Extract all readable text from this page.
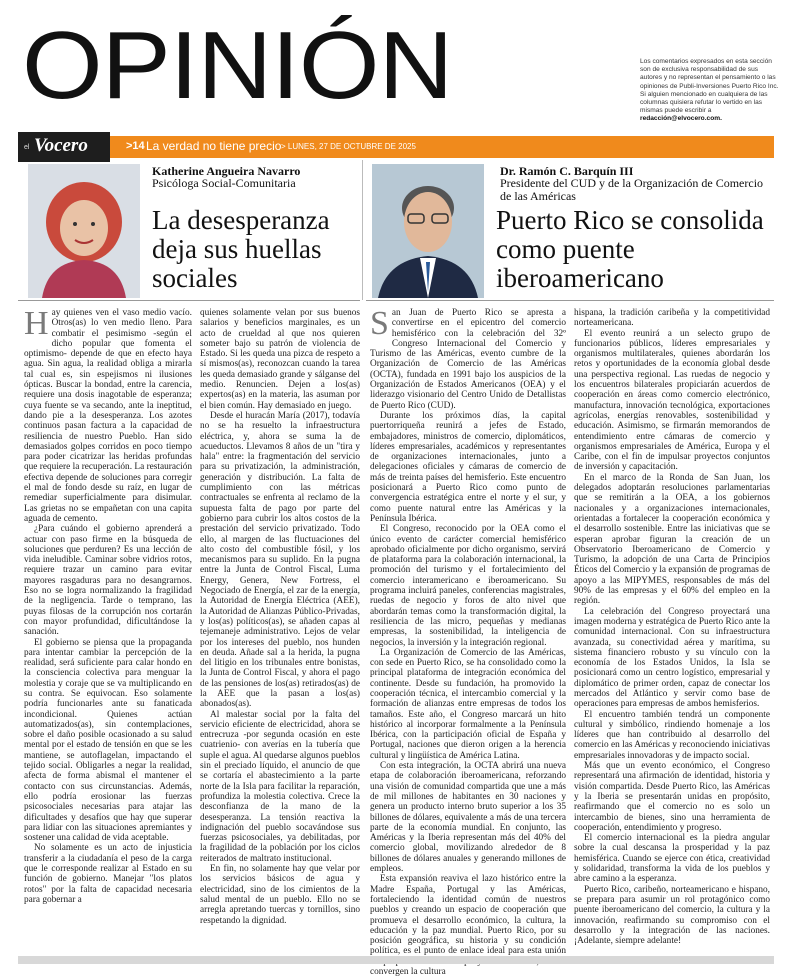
OPINIÓN	Los comentarios expresados en esta sección son de exclusiva responsabilidad de sus autores y no representan el pensamiento o las opiniones de Publi-Inversiones Puerto Rico Inc. Si alguien mencionado en cualquiera de las columnas quisiera refutar lo vertido en las mismas puede escribir a redacción@elvocero.com.
el Vocero	>14 La verdad no tiene precio > LUNES, 27 DE OCTUBRE DE 2025
Katherine Angueira Navarro
Psicóloga Social-Comunitaria
La desesperanza deja sus huellas sociales
Dr. Ramón C. Barquín III
Presidente del CUD y de la Organización de Comercio de las Américas
Puerto Rico se consolida como puente iberoamericano

Hay quienes ven el vaso medio vacío. Otros(as) lo ven medio lleno. Para combatir el pesimismo -según el dicho popular que fomenta el optimismo- depende de que en efecto haya agua. Sin agua, la realidad obliga a mirarla tal cual es, sin espejismos ni ilusiones ópticas. Buscar la bondad, entre la carencia, requiere una dosis inagotable de esperanza; cuya fuente se va secando, ante la ineptitud, dando pie a la desesperanza. Los azotes continuos pasan factura a la capacidad de resiliencia de nuestro Pueblo. Han sido demasiados golpes corridos en poco tiempo para poder cicatrizar las heridas profundas que requiere la recuperación. La restauración efectiva depende de soluciones para corregir el mal de fondo desde su raíz, en lugar de remediar superficialmente para disimular. Las grietas no se empañetan con una capita aguada de cemento.

¿Para cuándo el gobierno aprenderá a actuar con paso firme en la búsqueda de soluciones que perduren? Es una lección de vida ineludible. Caminar sobre vidrios rotos, requiere trazar un camino para evitar mayores rasgaduras para no desangrarnos. Eso no se logra normalizando la fragilidad de la negligencia. Tarde o temprano, las puyas filosas de la corrupción nos cortarán con mayor profundidad, dificultándose la sanación.

El gobierno se piensa que la propaganda para intentar cambiar la percepción de la realidad, será suficiente para calar hondo en la consciencia colectiva para menguar la molestia y coraje que se va multiplicando en su contra. Se equivocan. Eso solamente podría funcionarles ante su fanaticada incondicional. Quienes actúan automatizados(as), sin contemplaciones, sobre el daño posible ocasionado a su salud mental por el estado de tensión en que se les mantiene, se autoflagelan, impactando el tejido social. Obligarles a negar la realidad, afecta de forma abismal el mantener el contacto con sus circunstancias. Además, ello podría erosionar las fuerzas psicosociales necesarias para atajar las dificultades y desafíos que hay que superar para lidiar con las situaciones apremiantes y sostener una calidad de vida aceptable.

No solamente es un acto de injusticia transferir a la ciudadanía el peso de la carga que le corresponde realizar al Estado en su función de gobierno. Manejar "los platos rotos" por la falta de capacidad necesaria para gobernar a

quienes solamente velan por sus buenos salarios y beneficios marginales, es un acto de crueldad al que nos quieren someter bajo su patrón de violencia de Estado. Si les queda una pizca de respeto a sí mismos(as), reconozcan cuando la tarea les queda demasiado grande y sálganse del medio. Renuncien. Dejen a los(as) expertos(as) en la materia, las asuman por el bien común. Hay demasiado en juego.

Desde el huracán María (2017), todavía no se ha resuelto la infraestructura eléctrica, y, ahora se suma la de acueductos. Llevamos 8 años de un "tira y hala" entre: la fragmentación del servicio para su privatización, la administración, generación y distribución. La falta de cumplimiento con las métricas contractuales se enfrenta al reclamo de la supuesta falta de pago por parte del gobierno para cubrir los altos costos de la prestación del servicio privatizado. Todo ello, al margen de las fluctuaciones del alto costo del combustible fósil, y los mecanismos para su suplido. En la pugna entre la Junta de Control Fiscal, Luma Energy, Genera, New Fortress, el Negociado de Energía, el zar de la energía, la Autoridad de Energía Eléctrica (AEE), la Autoridad de Alianzas Público-Privadas, y los(as) políticos(as), se añaden capas al tejemaneje administrativo. Lejos de velar por los intereses del pueblo, nos hunden en deuda. Añade sal a la herida, la pugna del litigio en los tribunales entre bonistas, la Junta de Control Fiscal, y ahora el pago de las pensiones de los(as) retirados(as) de la AEE que la pasan a los(as) abonados(as).

Al malestar social por la falta del servicio eficiente de electricidad, ahora se entrecruza -por segunda ocasión en este cuatrienio- con averías en la tubería que suple el agua. Al quedarse algunos pueblos sin el preciado líquido, el anuncio de que se cortaría el abastecimiento a la parte norte de la Isla para facilitar la reparación, profundiza la molestia colectiva. Crece la desconfianza de la mano de la desesperanza. La tensión reactiva la indignación del pueblo socavándose sus fuerzas psicosociales, ya debilitadas, por la fragilidad de la población por los ciclos reiterados de maltrato institucional.

En fin, no solamente hay que velar por los servicios básicos de agua y electricidad, sino de los cimientos de la salud mental de un pueblo. Ello no se arregla apretando tuercas y tornillos, sino respetando la dignidad.

San Juan de Puerto Rico se apresta a convertirse en el epicentro del comercio hemisférico con la celebración del 32º Congreso Internacional del Comercio y Turismo de las Américas, evento cumbre de la Organización de Comercio de las Américas (OCTA), fundada en 1991 bajo los auspicios de la Organización de Estados Americanos (OEA) y el liderazgo visionario del Centro Unido de Detallistas de Puerto Rico (CUD).

Durante los próximos días, la capital puertorriqueña reunirá a jefes de Estado, embajadores, ministros de comercio, diplomáticos, líderes empresariales, académicos y representantes de organizaciones internacionales, junto a delegaciones oficiales y cámaras de comercio de más de treinta países del hemisferio. Este encuentro posicionará a Puerto Rico como punto de convergencia estratégica entre el norte y el sur, y como puente natural entre las Américas y la Península Ibérica.

El Congreso, reconocido por la OEA como el único evento de carácter comercial hemisférico aprobado oficialmente por dicho organismo, servirá de plataforma para la colaboración internacional, la promoción del turismo y el fortalecimiento del comercio interamericano e iberoamericano. Su programa incluirá paneles, conferencias magistrales, ruedas de negocio y foros de alto nivel que abordarán temas como la transformación digital, la resiliencia de las micro, pequeñas y medianas empresas, la sostenibilidad, la inteligencia de negocios, la inversión y la integración regional.

La Organización de Comercio de las Américas, con sede en Puerto Rico, se ha consolidado como la principal plataforma de integración económica del continente. Desde su fundación, ha promovido la cooperación técnica, el intercambio comercial y la formación de alianzas entre empresas de todos los tamaños. Este año, el Congreso marcará un hito histórico al incorporar formalmente a la Península Ibérica, con la participación oficial de España y Portugal, naciones que dieron origen a la herencia cultural y lingüística de América Latina.

Con esta integración, la OCTA abrirá una nueva etapa de colaboración iberoamericana, reforzando una visión de comunidad compartida que une a más de mil millones de habitantes en 30 naciones y genera un producto interno bruto superior a los 35 billones de dólares, equivalente a más de una tercera parte de la economía mundial. En conjunto, las Américas y la Iberia representan más del 40% del comercio global, movilizando alrededor de 8 billones de dólares anuales y generando millones de empleos.

Esta expansión reaviva el lazo histórico entre la Madre España, Portugal y las Américas, fortaleciendo la identidad común de nuestros pueblos y creando un espacio de cooperación que promueva el desarrollo económico, la cultura, la educación y la paz mundial. Puerto Rico, por su posición geográfica, su historia y su condición política, es el punto de enlace ideal para esta unión convergen la cultura

hispana, la tradición caribeña y la competitividad norteamericana.

El evento reunirá a un selecto grupo de funcionarios públicos, líderes empresariales y organismos multilaterales, quienes abordarán los retos y oportunidades de la economía global desde una perspectiva regional. Las ruedas de negocio y los encuentros bilaterales propiciarán acuerdos de cooperación en áreas como comercio electrónico, manufactura, innovación tecnológica, exportaciones agrícolas, energías renovables, sostenibilidad y educación. Asimismo, se firmarán memorandos de entendimiento entre cámaras de comercio y organismos empresariales de América, Europa y el Caribe, con el fin de impulsar proyectos conjuntos de inversión y capacitación.

En el marco de la Ronda de San Juan, los delegados adoptarán resoluciones parlamentarias que se remitirán a la OEA, a los gobiernos nacionales y a organizaciones internacionales, orientadas a fortalecer la cooperación económica y el desarrollo sostenible. Entre las iniciativas que se esperan aprobar figuran la creación de un Observatorio Iberoamericano de Comercio y Turismo, la adopción de una Carta de Principios Éticos del Comercio y la expansión de programas de apoyo a las MIPYMES, responsables de más del 90% de las empresas y el 60% del empleo en la región.

La celebración del Congreso proyectará una imagen moderna y estratégica de Puerto Rico ante la comunidad internacional. Con su infraestructura avanzada, su conectividad aérea y marítima, su sistema financiero robusto y su vínculo con la economía de los Estados Unidos, la Isla se posicionará como un centro logístico, empresarial y diplomático de primer orden, capaz de conectar los mercados del Atlántico y servir como base de operaciones para empresas de ambos hemisferios.

El encuentro también tendrá un componente cultural y simbólico, rindiendo homenaje a los líderes que han contribuido al desarrollo del comercio en las Américas y reconociendo iniciativas empresariales innovadoras y de impacto social.

Más que un evento económico, el Congreso representará una afirmación de identidad, historia y visión compartida. Desde Puerto Rico, las Américas y la Iberia se presentarán unidas en propósito, reafirmando que el comercio no es solo un intercambio de bienes, sino una herramienta de cooperación, entendimiento y progreso.

El comercio internacional es la piedra angular sobre la cual descansa la prosperidad y la paz hemisférica. Cuando se ejerce con ética, creatividad y solidaridad, transforma la vida de los pueblos y abre camino a la esperanza.

Puerto Rico, caribeño, norteamericano e hispano, se prepara para asumir un rol protagónico como puente iberoamericano del comercio, la cultura y la innovación, reafirmando su compromiso con el desarrollo y la integración de las naciones. ¡Adelante, siempre adelante!
